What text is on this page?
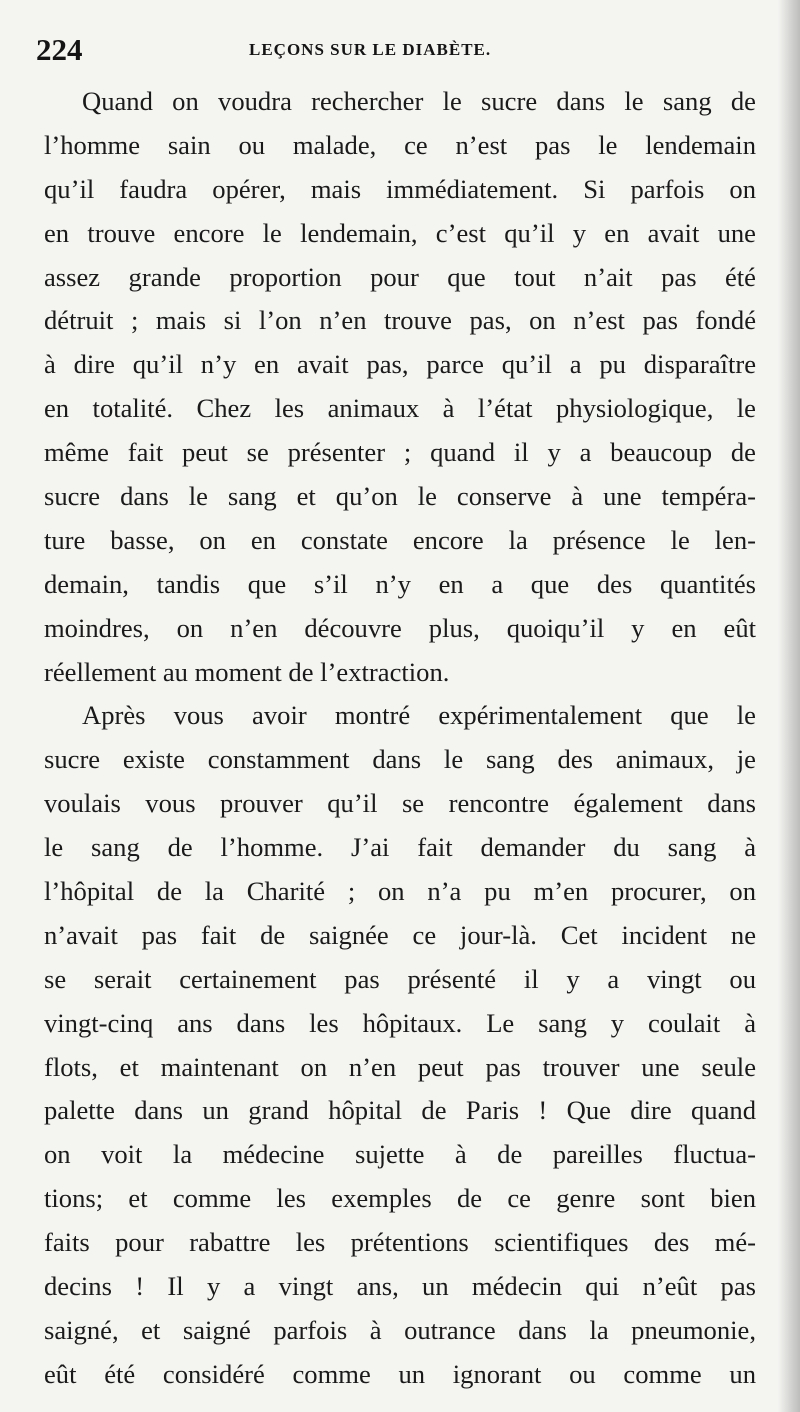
224	LEÇONS SUR LE DIABÈTE.
Quand on voudra rechercher le sucre dans le sang de
l’homme sain ou malade, ce n’est pas le lendemain
qu’il faudra opérer, mais immédiatement. Si parfois on
en trouve encore le lendemain, c’est qu’il y en avait une
assez grande proportion pour que tout n’ait pas été
détruit ; mais si l’on n’en trouve pas, on n’est pas fondé
à dire qu’il n’y en avait pas, parce qu’il a pu disparaître
en totalité. Chez les animaux à l’état physiologique, le
même fait peut se présenter ; quand il y a beaucoup de
sucre dans le sang et qu’on le conserve à une tempéra-
ture basse, on en constate encore la présence le len-
demain, tandis que s’il n’y en a que des quantités
moindres, on n’en découvre plus, quoiqu’il y en eût
réellement au moment de l’extraction.
Après vous avoir montré expérimentalement que le
sucre existe constamment dans le sang des animaux, je
voulais vous prouver qu’il se rencontre également dans
le sang de l’homme. J’ai fait demander du sang à
l’hôpital de la Charité ; on n’a pu m’en procurer, on
n’avait pas fait de saignée ce jour-là. Cet incident ne
se serait certainement pas présenté il y a vingt ou
vingt-cinq ans dans les hôpitaux. Le sang y coulait à
flots, et maintenant on n’en peut pas trouver une seule
palette dans un grand hôpital de Paris ! Que dire quand
on voit la médecine sujette à de pareilles fluctua-
tions; et comme les exemples de ce genre sont bien
faits pour rabattre les prétentions scientifiques des mé-
decins ! Il y a vingt ans, un médecin qui n’eût pas
saigné, et saigné parfois à outrance dans la pneumonie,
eût été considéré comme un ignorant ou comme un
